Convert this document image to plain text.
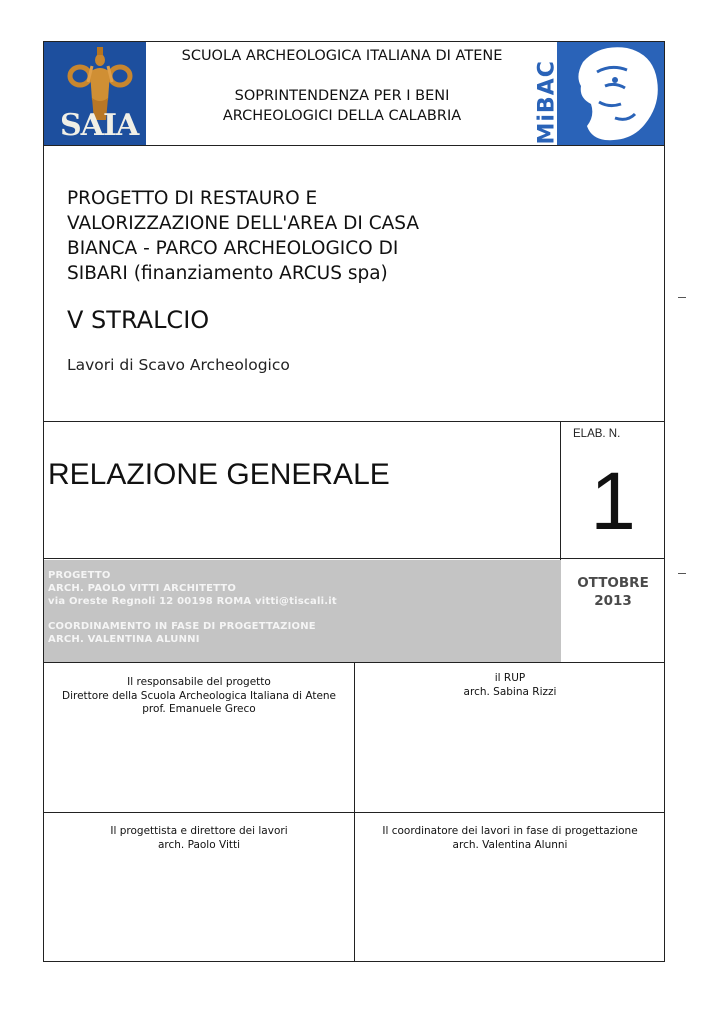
SAIA
SCUOLA ARCHEOLOGICA ITALIANA DI ATENE
SOPRINTENDENZA PER I BENI
ARCHEOLOGICI DELLA CALABRIA	MiBAC
PROGETTO DI RESTAURO E
VALORIZZAZIONE DELL'AREA DI CASA
BIANCA - PARCO ARCHEOLOGICO DI
SIBARI (finanziamento ARCUS spa)
V STRALCIO
Lavori di Scavo Archeologico
RELAZIONE GENERALE
ELAB. N.
1
PROGETTO
ARCH. PAOLO VITTI ARCHITETTO
via Oreste Regnoli 12 00198 ROMA vitti@tiscali.it
COORDINAMENTO IN FASE DI PROGETTAZIONE
ARCH. VALENTINA ALUNNI
OTTOBRE
2013
Il responsabile del progetto
Direttore della Scuola Archeologica Italiana di Atene
prof. Emanuele Greco
il RUP
arch. Sabina Rizzi
Il progettista e direttore dei lavori
arch. Paolo Vitti
Il coordinatore dei lavori in fase di progettazione
arch. Valentina Alunni
